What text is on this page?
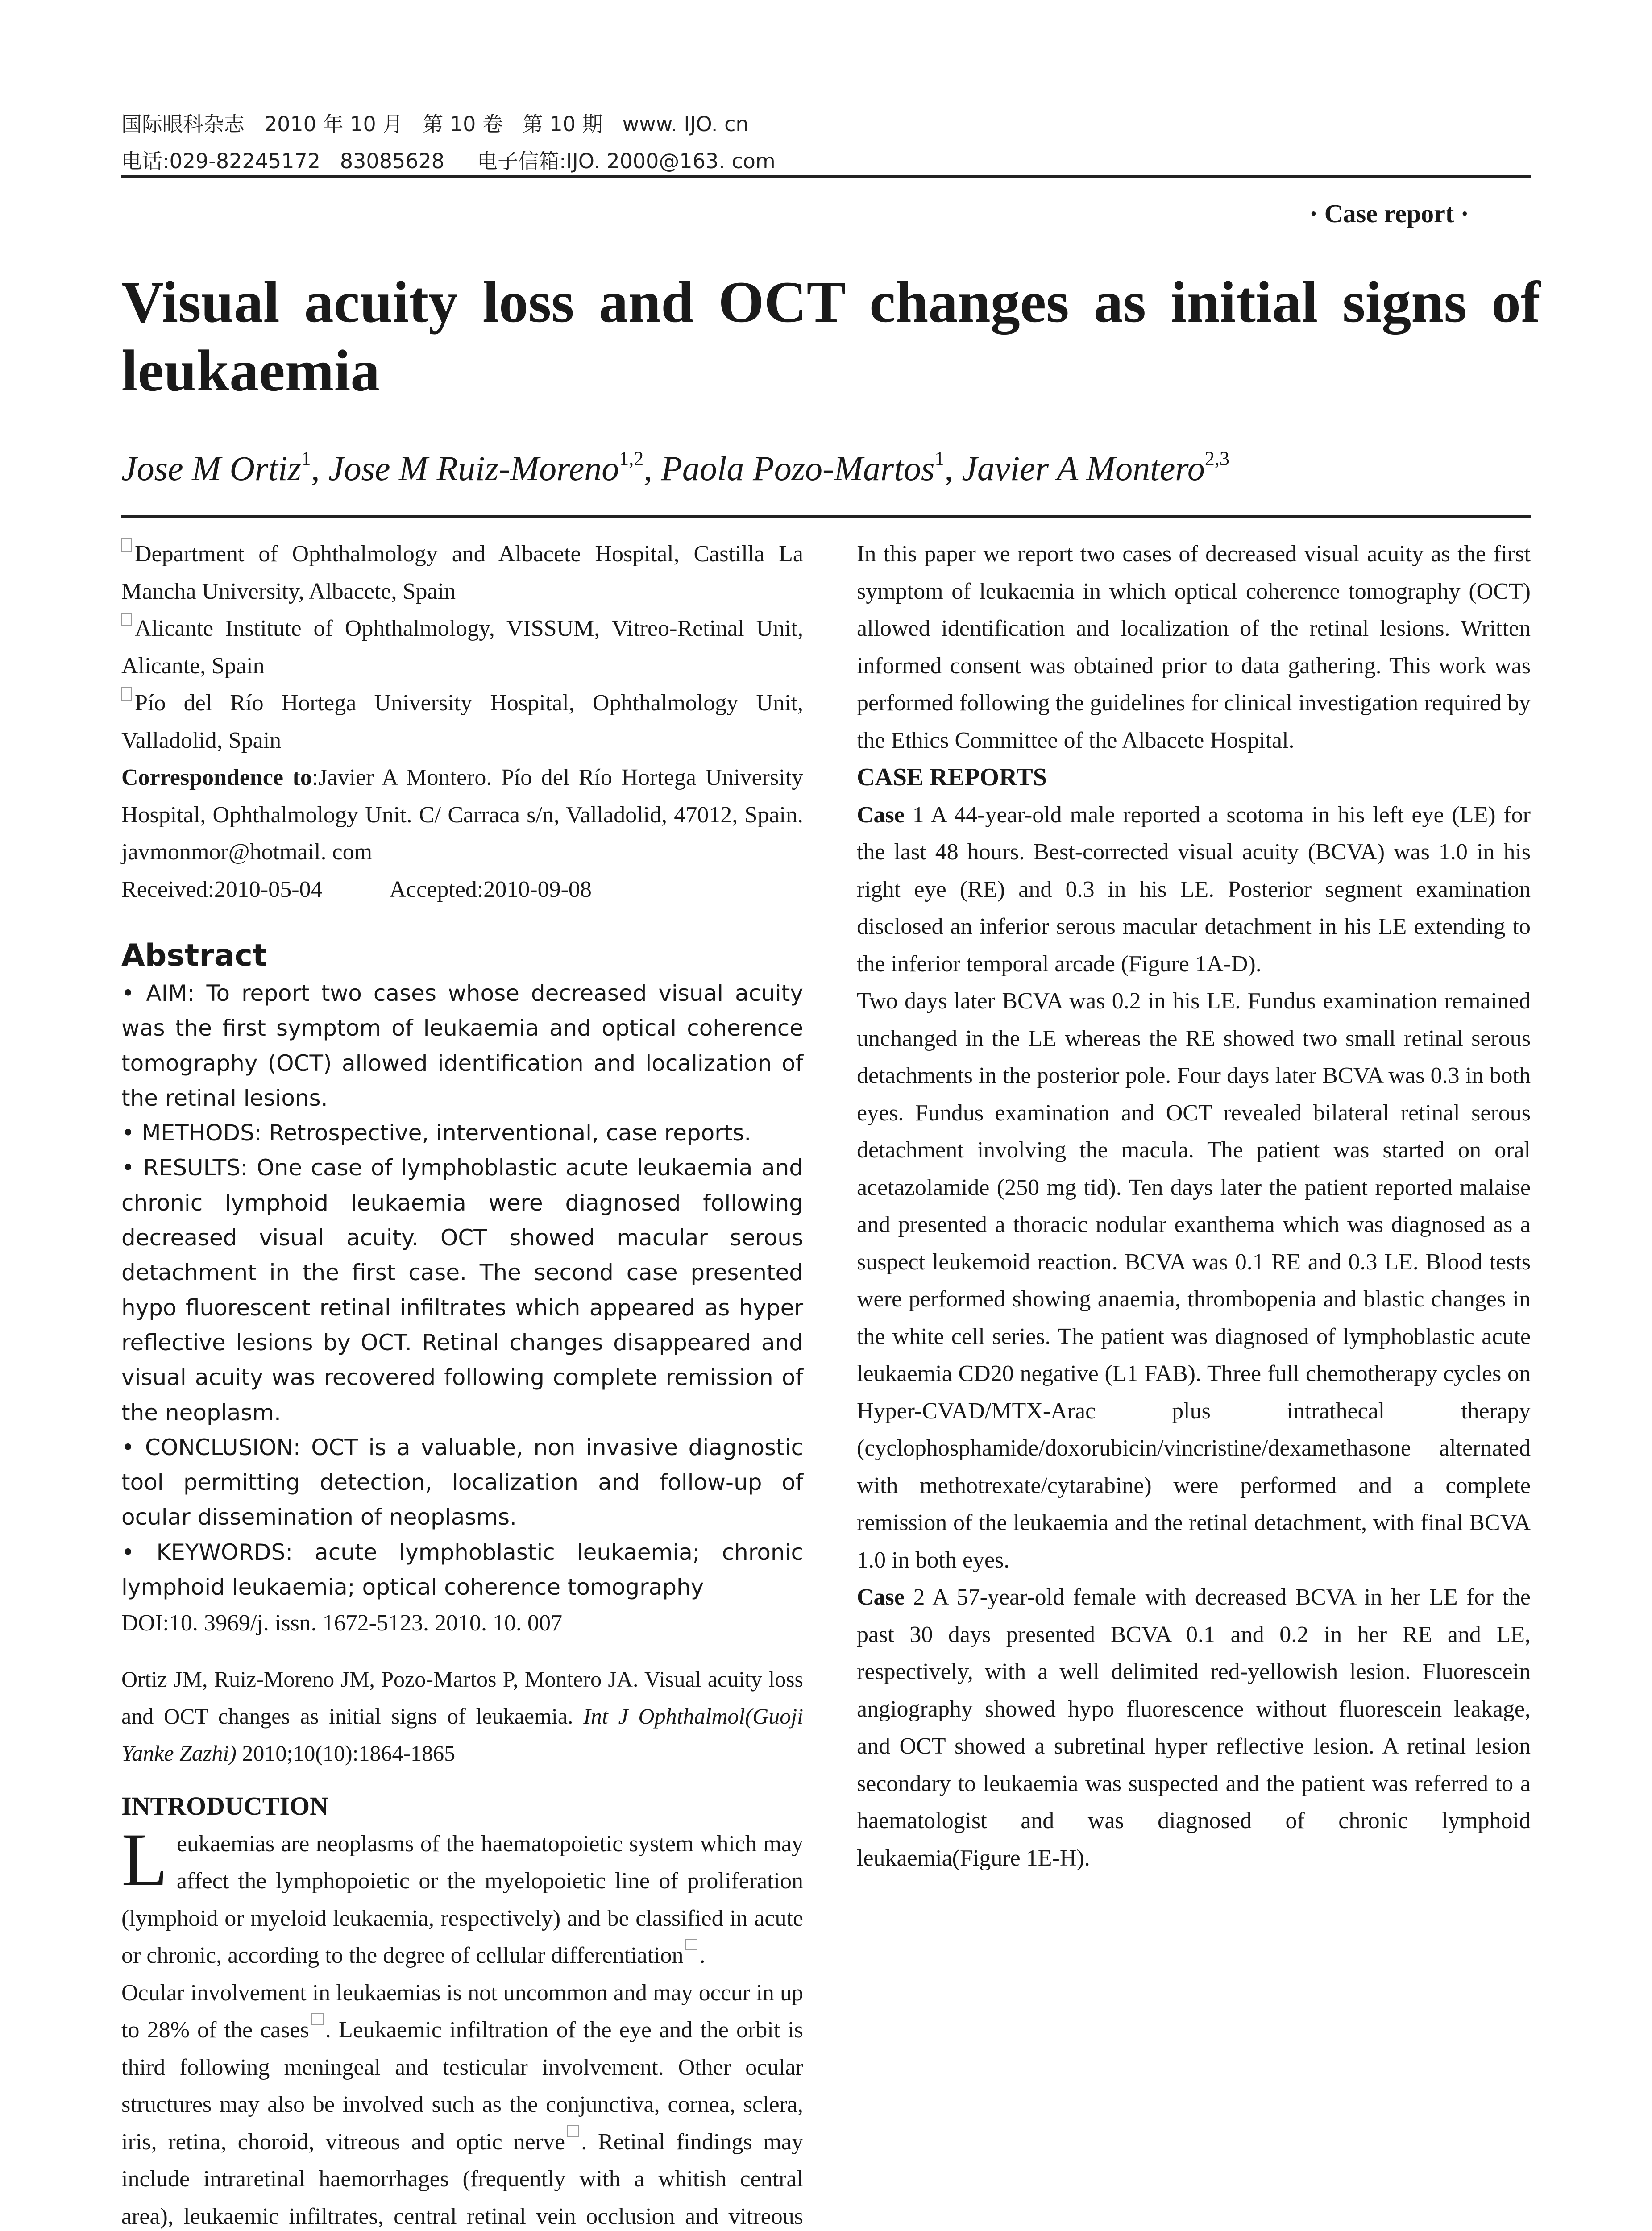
国际眼科杂志   2010 年 10 月   第 10 卷   第 10 期   www. IJO. cn
电话:029-82245172   83085628     电子信箱:IJO. 2000@163. com
· Case report ·
Visual acuity loss and OCT changes as initial signs of leukaemia
Jose M Ortiz$^1$, Jose M Ruiz-Moreno$^{1,2}$, Paola Pozo-Martos$^1$, Javier A Montero$^{2,3}$

Department of Ophthalmology and Albacete Hospital, Castilla La Mancha University, Albacete, Spain

Alicante Institute of Ophthalmology, VISSUM, Vitreo-Retinal Unit, Alicante, Spain

Pío del Río Hortega University Hospital, Ophthalmology Unit, Valladolid, Spain

Correspondence to:Javier A Montero. Pío del Río Hortega University Hospital, Ophthalmology Unit. C/ Carraca s/n, Valladolid, 47012, Spain. javmonmor@hotmail. com

Received:2010-05-04	Accepted:2010-09-08

Abstract

• AIM: To report two cases whose decreased visual acuity was the first symptom of leukaemia and optical coherence tomography (OCT) allowed identification and localization of the retinal lesions.

• METHODS: Retrospective, interventional, case reports.

• RESULTS: One case of lymphoblastic acute leukaemia and chronic lymphoid leukaemia were diagnosed following decreased visual acuity. OCT showed macular serous detachment in the first case. The second case presented hypo fluorescent retinal infiltrates which appeared as hyper reflective lesions by OCT. Retinal changes disappeared and visual acuity was recovered following complete remission of the neoplasm.

• CONCLUSION: OCT is a valuable, non invasive diagnostic tool permitting detection, localization and follow-up of ocular dissemination of neoplasms.

• KEYWORDS: acute lymphoblastic leukaemia; chronic lymphoid leukaemia; optical coherence tomography

DOI:10. 3969/j. issn. 1672-5123. 2010. 10. 007

Ortiz JM, Ruiz-Moreno JM, Pozo-Martos P, Montero JA. Visual acuity loss and OCT changes as initial signs of leukaemia. Int J Ophthalmol(Guoji Yanke Zazhi) 2010;10(10):1864-1865

INTRODUCTION

Leukaemias are neoplasms of the haematopoietic system which may affect the lymphopoietic or the myelopoietic line of proliferation (lymphoid or myeloid leukaemia, respectively) and be classified in acute or chronic, according to the degree of cellular differentiation .

Ocular involvement in leukaemias is not uncommon and may occur in up to 28% of the cases . Leukaemic infiltration of the eye and the orbit is third following meningeal and testicular involvement. Other ocular structures may also be involved such as the conjunctiva, cornea, sclera, iris, retina, choroid, vitreous and optic nerve . Retinal findings may include intraretinal haemorrhages (frequently with a whitish central area), leukaemic infiltrates, central retinal vein occlusion and vitreous

In this paper we report two cases of decreased visual acuity as the first symptom of leukaemia in which optical coherence tomography (OCT) allowed identification and localization of the retinal lesions. Written informed consent was obtained prior to data gathering. This work was performed following the guidelines for clinical investigation required by the Ethics Committee of the Albacete Hospital.

CASE REPORTS

Case 1 A 44-year-old male reported a scotoma in his left eye (LE) for the last 48 hours. Best-corrected visual acuity (BCVA) was 1.0 in his right eye (RE) and 0.3 in his LE. Posterior segment examination disclosed an inferior serous macular detachment in his LE extending to the inferior temporal arcade (Figure 1A-D).

Two days later BCVA was 0.2 in his LE. Fundus examination remained unchanged in the LE whereas the RE showed two small retinal serous detachments in the posterior pole. Four days later BCVA was 0.3 in both eyes. Fundus examination and OCT revealed bilateral retinal serous detachment involving the macula. The patient was started on oral acetazolamide (250 mg tid). Ten days later the patient reported malaise and presented a thoracic nodular exanthema which was diagnosed as a suspect leukemoid reaction. BCVA was 0.1 RE and 0.3 LE. Blood tests were performed showing anaemia, thrombopenia and blastic changes in the white cell series. The patient was diagnosed of lymphoblastic acute leukaemia CD20 negative (L1 FAB). Three full chemotherapy cycles on Hyper-CVAD/MTX-Arac plus intrathecal therapy (cyclophosphamide/doxorubicin/vincristine/dexamethasone alternated with methotrexate/cytarabine) were performed and a complete remission of the leukaemia and the retinal detachment, with final BCVA 1.0 in both eyes.

Case 2 A 57-year-old female with decreased BCVA in her LE for the past 30 days presented BCVA 0.1 and 0.2 in her RE and LE, respectively, with a well delimited red-yellowish lesion. Fluorescein angiography showed hypo fluorescence without fluorescein leakage, and OCT showed a subretinal hyper reflective lesion. A retinal lesion secondary to leukaemia was suspected and the patient was referred to a haematologist and was diagnosed of chronic lymphoid leukaemia(Figure 1E-H).
